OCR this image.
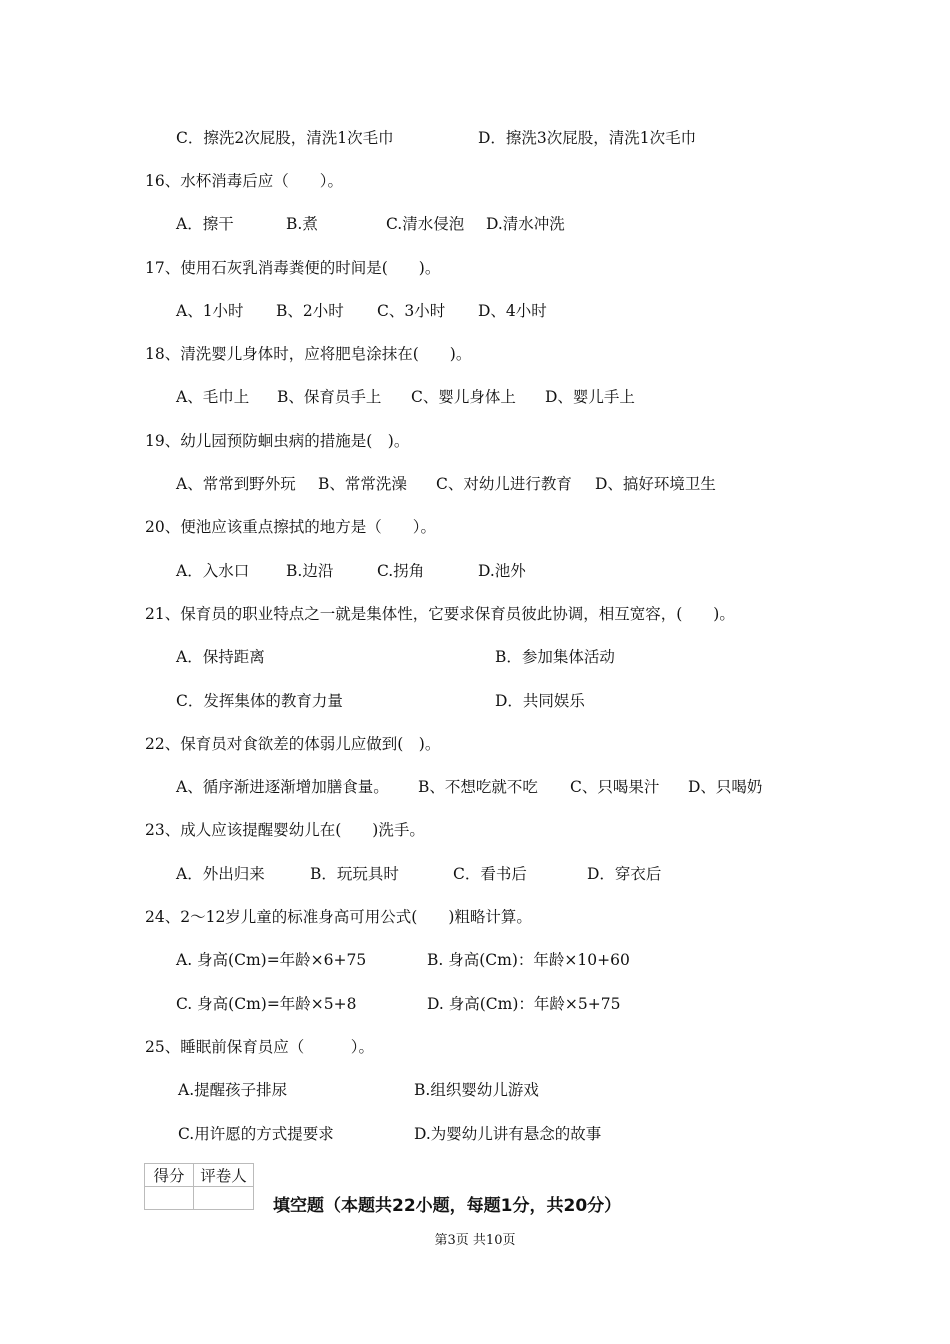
C．擦洗2次屁股，清洗1次毛巾	D．擦洗3次屁股，清洗1次毛巾
16、水杯消毒后应（　　）。
A．擦干	B.煮	C.清水侵泡 D.清水冲洗
17、使用石灰乳消毒粪便的时间是(　　)。
A、1小时 B、2小时 C、3小时 D、4小时
18、清洗婴儿身体时，应将肥皂涂抹在(　　)。
A、毛巾上 B、保育员手上 C、婴儿身体上 D、婴儿手上
19、幼儿园预防蛔虫病的措施是(　)。
A、常常到野外玩 B、常常洗澡 C、对幼儿进行教育 D、搞好环境卫生
20、便池应该重点擦拭的地方是（　　）。
A．入水口 B.边沿	C.拐角	D.池外
21、保育员的职业特点之一就是集体性，它要求保育员彼此协调，相互宽容，(　　)。
A．保持距离	B．参加集体活动
C．发挥集体的教育力量	D．共同娱乐
22、保育员对食欲差的体弱儿应做到(　)。
A、循序渐进逐渐增加膳食量。 B、不想吃就不吃 C、只喝果汁 D、只喝奶
23、成人应该提醒婴幼儿在(　　)洗手。
A．外出归来	B．玩玩具时	C．看书后	D．穿衣后
24、2～12岁儿童的标准身高可用公式(　　)粗略计算。
A. 身高(Cm)=年龄×6+75	B. 身高(Cm)：年龄×10+60
C. 身高(Cm)=年龄×5+8	D. 身高(Cm)：年龄×5+75
25、睡眠前保育员应（　　　）。
A.提醒孩子排尿	B.组织婴幼儿游戏
C.用许愿的方式提要求	D.为婴幼儿讲有悬念的故事
得分	评卷人

填空题（本题共22小题，每题1分，共20分）
第3页 共10页
